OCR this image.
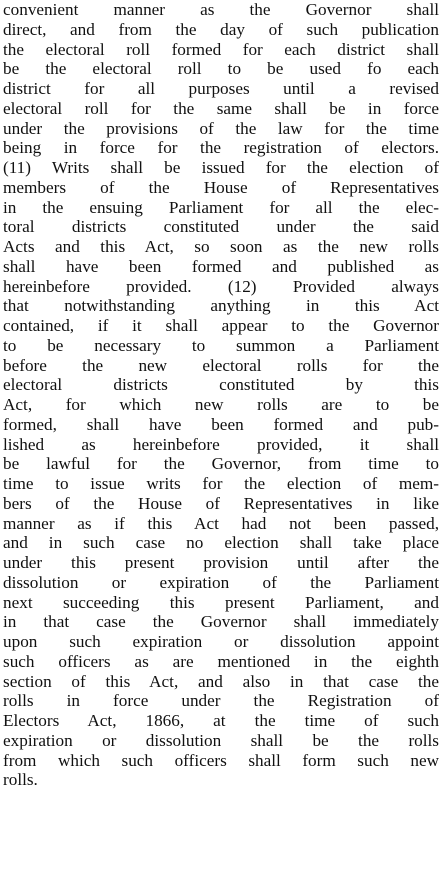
convenient manner as the Governor shall
direct, and from the day of such publication
the electoral roll formed for each district shall
be the electoral roll to be used fo each
district for all purposes until a revised
electoral roll for the same shall be in force
under the provisions of the law for the time
being in force for the registration of electors.
(11) Writs shall be issued for the election of
members of the House of Representatives
in the ensuing Parliament for all the elec-
toral districts constituted under the said
Acts and this Act, so soon as the new rolls
shall have been formed and published as
hereinbefore provided. (12) Provided always
that notwithstanding anything in this Act
contained, if it shall appear to the Governor
to be necessary to summon a Parliament
before the new electoral rolls for the
electoral districts constituted by this
Act, for which new rolls are to be
formed, shall have been formed and pub-
lished as hereinbefore provided, it shall
be lawful for the Governor, from time to
time to issue writs for the election of mem-
bers of the House of Representatives in like
manner as if this Act had not been passed,
and in such case no election shall take place
under this present provision until after the
dissolution or expiration of the Parliament
next succeeding this present Parliament, and
in that case the Governor shall immediately
upon such expiration or dissolution appoint
such officers as are mentioned in the eighth
section of this Act, and also in that case the
rolls in force under the Registration of
Electors Act, 1866, at the time of such
expiration or dissolution shall be the rolls
from which such officers shall form such new
rolls.
